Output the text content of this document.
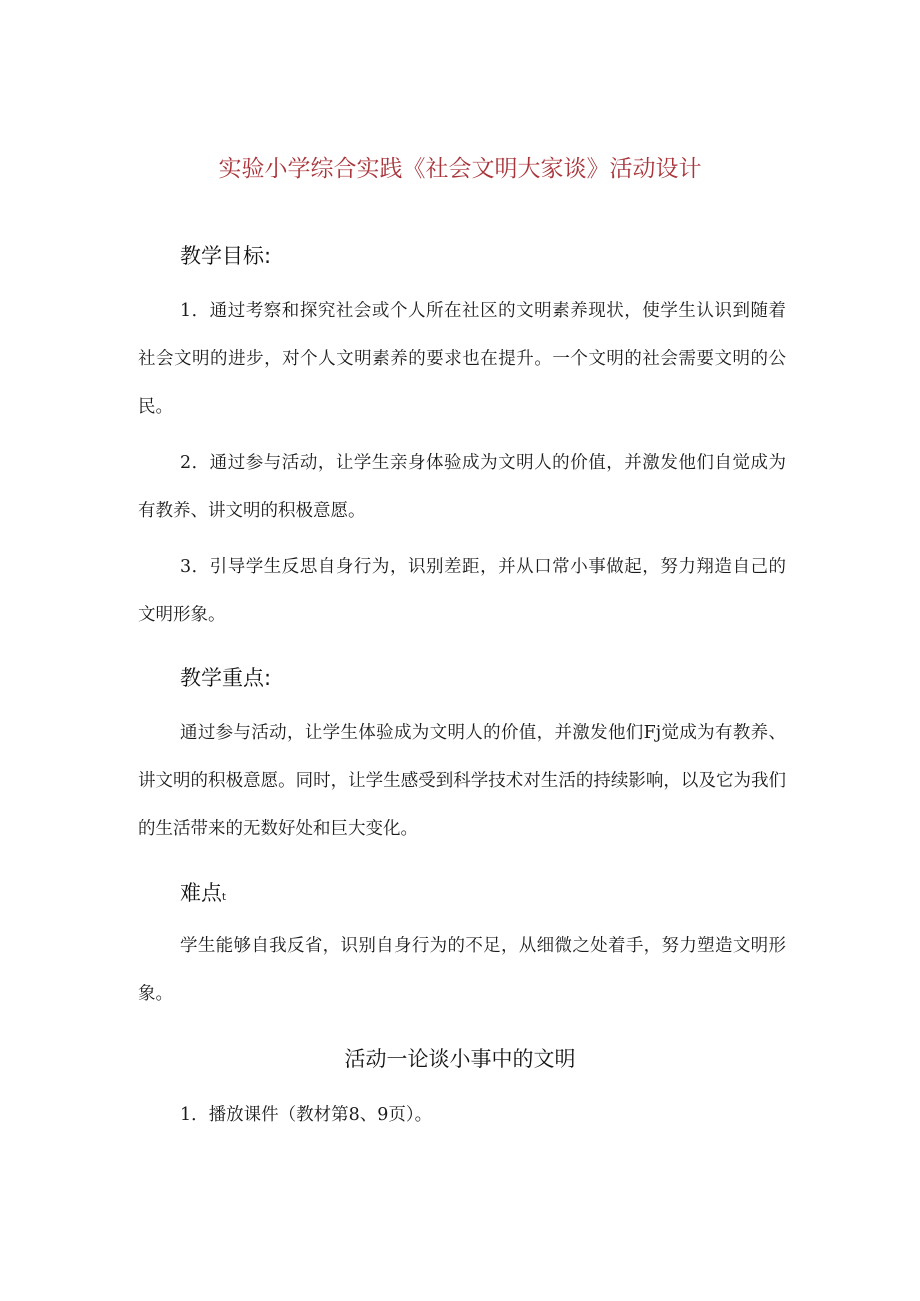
实验小学综合实践《社会文明大家谈》活动设计
教学目标:

1．通过考察和探究社会或个人所在社区的文明素养现状，使学生认识到随着社会文明的进步，对个人文明素养的要求也在提升。一个文明的社会需要文明的公民。

2．通过参与活动，让学生亲身体验成为文明人的价值，并激发他们自觉成为有教养、讲文明的积极意愿。

3．引导学生反思自身行为，识别差距，并从口常小事做起，努力翔造自己的文明形象。

教学重点:

通过参与活动，让学生体验成为文明人的价值，并激发他们Fj觉成为有教养、讲文明的积极意愿。同时，让学生感受到科学技术对生活的持续影响，以及它为我们的生活带来的无数好处和巨大变化。

难点t

学生能够自我反省，识别自身行为的不足，从细微之处着手，努力塑造文明形象。

活动一论谈小事中的文明

1．播放课件（教材第8、9页）。
